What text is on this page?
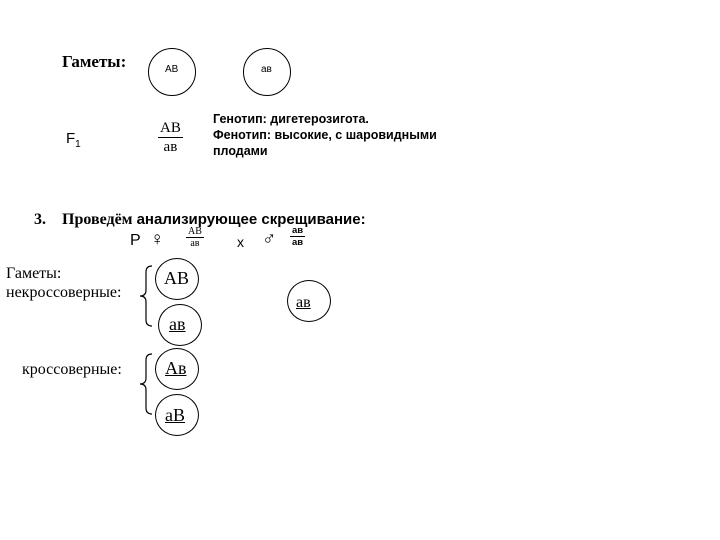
Гаметы:	АВ	ав
$F_1$
АВ
ав
Генотип: дигетерозигота.
Фенотип: высокие, с шаровидными
плодами
3. Проведём анализирующее скрещивание:
Р ♀ АВ
ав	х ♂ ав
ав
Гаметы:
некроссоверные:
кроссоверные:
АВ
ав
ав
Ав
аВ
